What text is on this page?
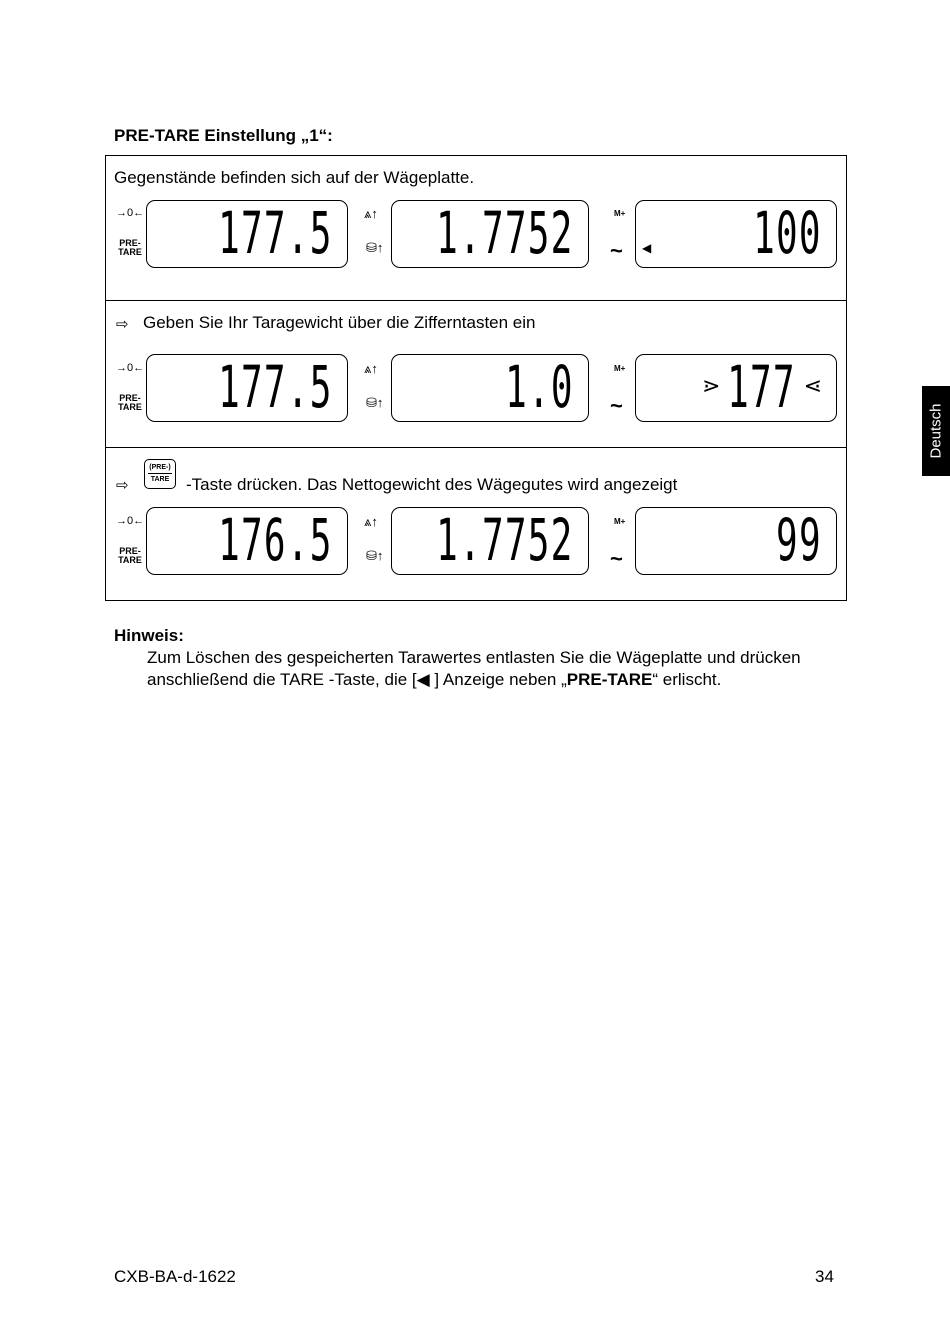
PRE-TARE Einstellung „1“:
Gegenstände befinden sich auf der Wägeplatte.
→0←
PRE-
TARE 177.5 ⩓↑
⛁↑ 1.7752	M+
~ ◀ 100
⇨ Geben Sie Ihr Taragewicht über die Zifferntasten ein
→0←
PRE-
TARE 177.5 ⩓↑
⛁↑ 1.0	M+
~
⋗ 177 ⋖
⇨
(PRE-)
TARE -Taste drücken. Das Nettogewicht des Wägegutes wird angezeigt
→0←
PRE-
TARE 176.5 ⩓↑
⛁↑ 1.7752	M+
~	99
Hinweis:
Zum Löschen des gespeicherten Tarawertes entlasten Sie die Wägeplatte und drücken anschließend die TARE -Taste, die [◀ ] Anzeige neben „PRE-TARE“ erlischt.
Deutsch
CXB-BA-d-1622	34
